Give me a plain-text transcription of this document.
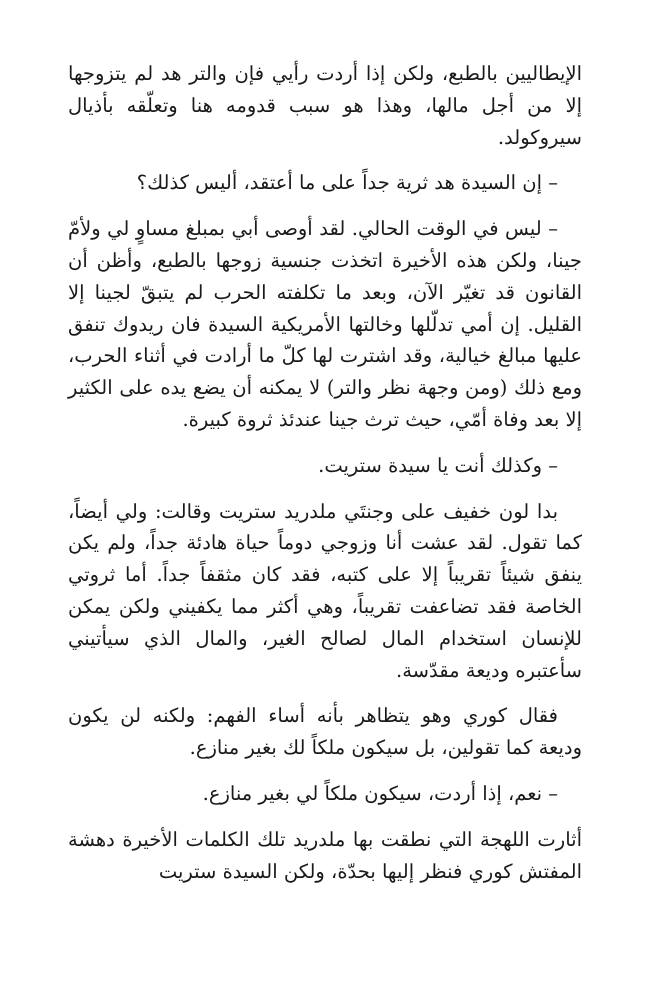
الإيطاليين بالطبع، ولكن إذا أردت رأيي فإن والتر هد لم يتزوجها إلا من أجل مالها، وهذا هو سبب قدومه هنا وتعلّقه بأذيال سيروكولد.

– إن السيدة هد ثرية جداً على ما أعتقد، أليس كذلك؟

– ليس في الوقت الحالي. لقد أوصى أبي بمبلغ مساوٍ لي ولأمّ جينا، ولكن هذه الأخيرة اتخذت جنسية زوجها بالطبع، وأظن أن القانون قد تغيّر الآن، وبعد ما تكلفته الحرب لم يتبقّ لجينا إلا القليل. إن أمي تدلّلها وخالتها الأمريكية السيدة فان ريدوك تنفق عليها مبالغ خيالية، وقد اشترت لها كلّ ما أرادت في أثناء الحرب، ومع ذلك (ومن وجهة نظر والتر) لا يمكنه أن يضع يده على الكثير إلا بعد وفاة أمّي، حيث ترث جينا عندئذ ثروة كبيرة.

– وكذلك أنت يا سيدة ستريت.

بدا لون خفيف على وجنتَي ملدريد ستريت وقالت: ولي أيضاً، كما تقول. لقد عشت أنا وزوجي دوماً حياة هادئة جداً، ولم يكن ينفق شيئاً تقريباً إلا على كتبه، فقد كان مثقفاً جداً. أما ثروتي الخاصة فقد تضاعفت تقريباً، وهي أكثر مما يكفيني ولكن يمكن للإنسان استخدام المال لصالح الغير، والمال الذي سيأتيني سأعتبره وديعة مقدّسة.

فقال كوري وهو يتظاهر بأنه أساء الفهم: ولكنه لن يكون وديعة كما تقولين، بل سيكون ملكاً لك بغير منازع.

– نعم، إذا أردت، سيكون ملكاً لي بغير منازع.

أثارت اللهجة التي نطقت بها ملدريد تلك الكلمات الأخيرة دهشة المفتش كوري فنظر إليها بحدّة، ولكن السيدة ستريت
